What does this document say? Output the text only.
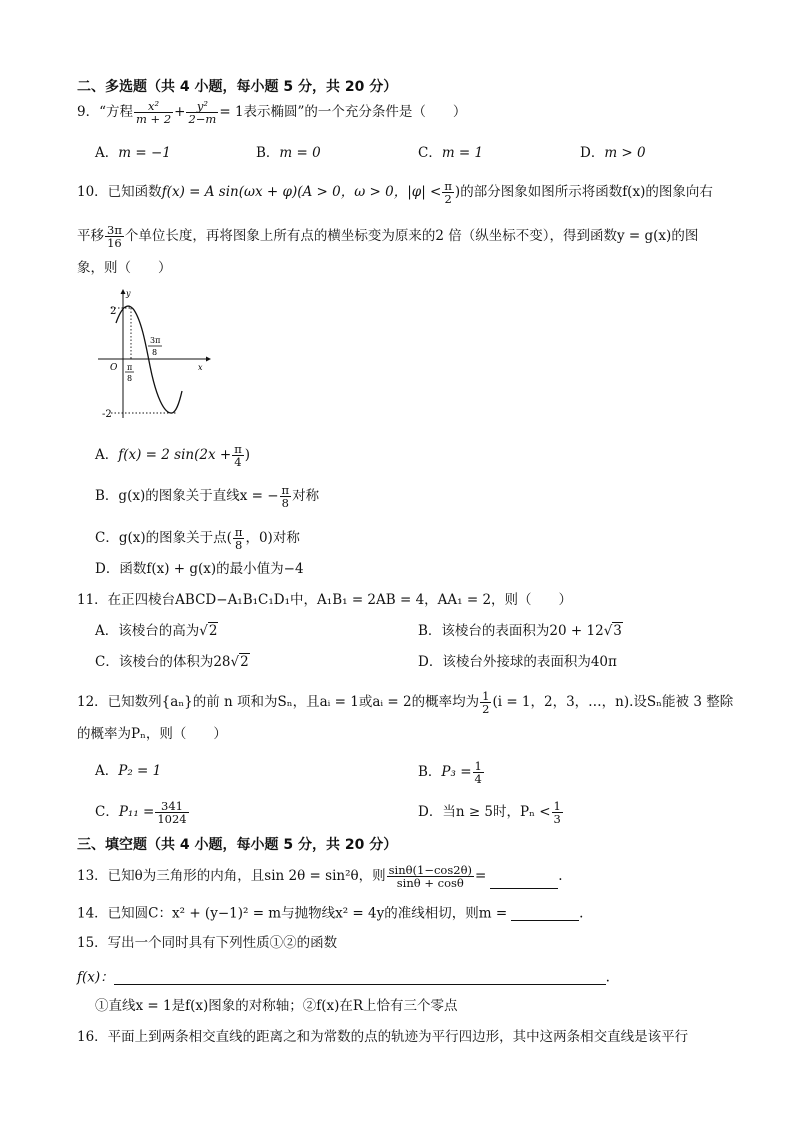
二、多选题（共 4 小题，每小题 5 分，共 20 分）
9．“方程 $\frac{\text{x²}}{m + 2} + \frac{\text{y²}}{2-m} = 1$表示椭圆”的一个充分条件是（　　）
A．m = −1	B．m = 0	C．m = 1	D．m > 0
10．已知函数f(x) = A sin(ωx + φ)(A > 0，ω > 0，$|\varphi| < \frac{\pi}{2}$ )的部分图象如图所示将函数f(x)的图象向右
平移 $\frac{3\pi}{16}$ 个单位长度，再将图象上所有点的横坐标变为原来的2 倍（纵坐标不变），得到函数y = g(x)的图
象，则（　　）
y
x
O
2
-2
π
8
3π
8
A．f(x) = 2 $\sin(2x + \frac{\pi}{4}$ )
B．g(x)的图象关于直线x = − $\frac{\pi}{8}$ 对称
C．g(x)的图象关于点( $\frac{\pi}{8}$ ，0)对称
D．函数f(x) + g(x)的最小值为−4
11．在正四棱台ABCD−A₁B₁C₁D₁中，A₁B₁ = 2AB = 4，AA₁ = 2，则（　　）
A．该棱台的高为√2	B．该棱台的表面积为20 + 12√3
C．该棱台的体积为28√2	D．该棱台外接球的表面积为40π
12．已知数列{aₙ}的前 n 项和为Sₙ，且aᵢ = 1或aᵢ = 2的概率均为 $\frac{1}{2} (i = 1$，2，3，…，n).设Sₙ能被 3 整除
的概率为Pₙ，则（　　）
A．P₂ = 1	B．$P_3 = \frac{1}{4}$
C．$P_{11} = \frac{341}{1024}$	D．当n ≥ 5时，$P_n < \frac{1}{3}$
三、填空题（共 4 小题，每小题 5 分，共 20 分）
13．已知θ为三角形的内角，且sin 2θ = sin²θ，则 $\frac{\sin\theta(1-\cos 2\theta)}{\sin\theta + \cos\theta}$ =	.
14．已知圆C：x² + (y−1)² = m与抛物线x² = 4y的准线相切，则m =	.
15．写出一个同时具有下列性质①②的函数
f(x)：	.
①直线x = 1是f(x)图象的对称轴；②f(x)在R上恰有三个零点
16．平面上到两条相交直线的距离之和为常数的点的轨迹为平行四边形，其中这两条相交直线是该平行
